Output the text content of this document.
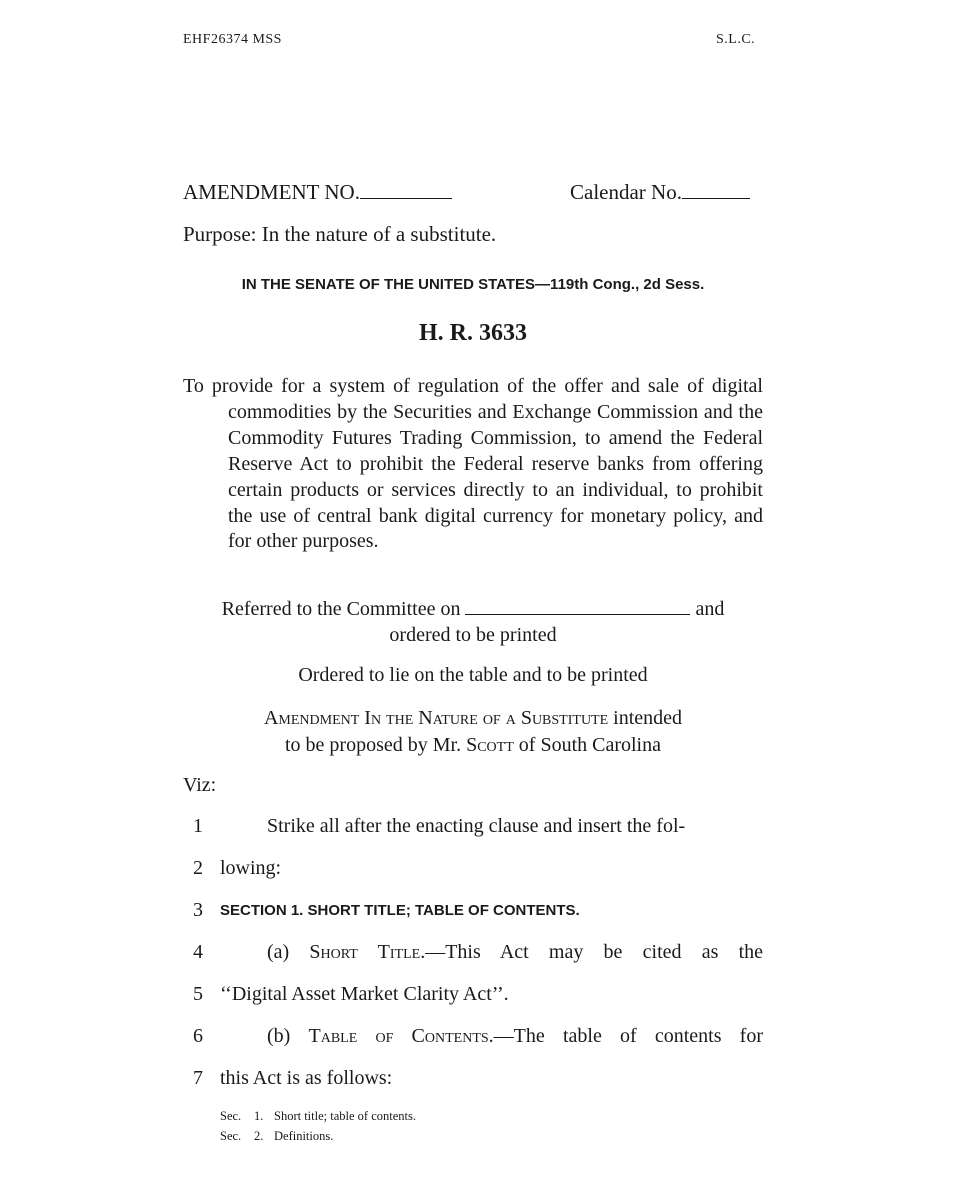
EHF26374 MSS	S.L.C.
AMENDMENT NO.	Calendar No.
Purpose: In the nature of a substitute.
IN THE SENATE OF THE UNITED STATES—119th Cong., 2d Sess.
H. R. 3633
To provide for a system of regulation of the offer and sale of digital commodities by the Securities and Exchange Commission and the Commodity Futures Trading Commission, to amend the Federal Reserve Act to prohibit the Federal reserve banks from offering certain products or services directly to an individual, to prohibit the use of central bank digital currency for monetary policy, and for other purposes.
Referred to the Committee on	and
ordered to be printed
Ordered to lie on the table and to be printed
Amendment In the Nature of a Substitute intended
to be proposed by Mr. Scott of South Carolina
Viz:
1	Strike all after the enacting clause and insert the fol-
2 lowing:
3	SECTION 1. SHORT TITLE; TABLE OF CONTENTS.
4	(a) Short Title.—This Act may be cited as the
5 ‘‘Digital Asset Market Clarity Act’’.
6	(b) Table of Contents.—The table of contents for
7 this Act is as follows:
Sec. 1. Short title; table of contents.
Sec. 2. Definitions.
